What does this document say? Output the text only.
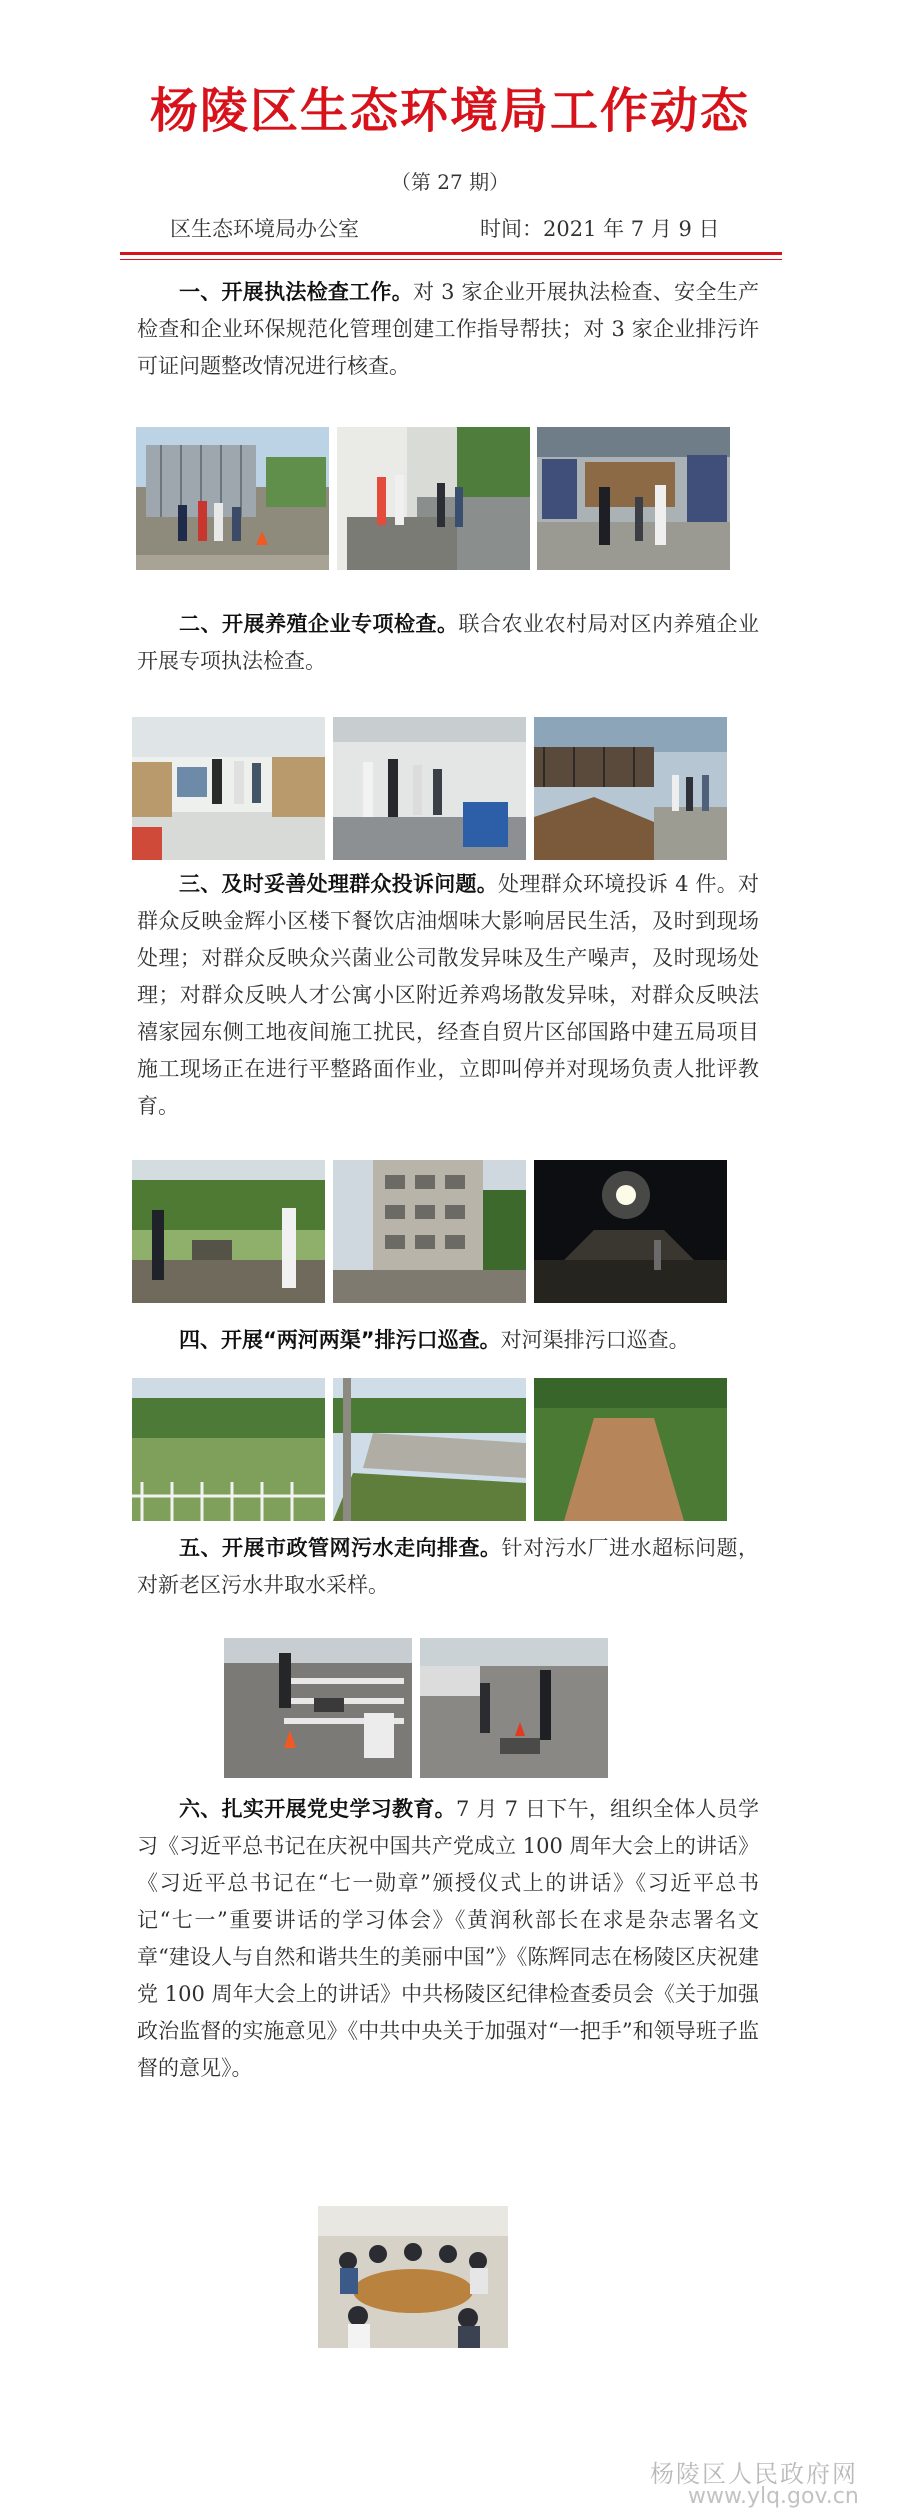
杨陵区生态环境局工作动态
（第 27 期）
区生态环境局办公室	时间：2021 年 7 月 9 日
一、开展执法检查工作。对 3 家企业开展执法检查、安全生产检查和企业环保规范化管理创建工作指导帮扶；对 3 家企业排污许可证问题整改情况进行核查。
二、开展养殖企业专项检查。联合农业农村局对区内养殖企业开展专项执法检查。
三、及时妥善处理群众投诉问题。处理群众环境投诉 4 件。对群众反映金辉小区楼下餐饮店油烟味大影响居民生活，及时到现场处理；对群众反映众兴菌业公司散发异味及生产噪声，及时现场处理；对群众反映人才公寓小区附近养鸡场散发异味，对群众反映法禧家园东侧工地夜间施工扰民，经查自贸片区邰国路中建五局项目施工现场正在进行平整路面作业，立即叫停并对现场负责人批评教育。
四、开展“两河两渠”排污口巡查。对河渠排污口巡查。
五、开展市政管网污水走向排查。针对污水厂进水超标问题，对新老区污水井取水采样。
六、扎实开展党史学习教育。7 月 7 日下午，组织全体人员学习《习近平总书记在庆祝中国共产党成立 100 周年大会上的讲话》《习近平总书记在“七一勋章”颁授仪式上的讲话》《习近平总书记“七一”重要讲话的学习体会》《黄润秋部长在求是杂志署名文章“建设人与自然和谐共生的美丽中国”》《陈辉同志在杨陵区庆祝建党 100 周年大会上的讲话》中共杨陵区纪律检查委员会《关于加强政治监督的实施意见》《中共中央关于加强对“一把手”和领导班子监督的意见》。
杨陵区人民政府网
www.ylq.gov.cn
